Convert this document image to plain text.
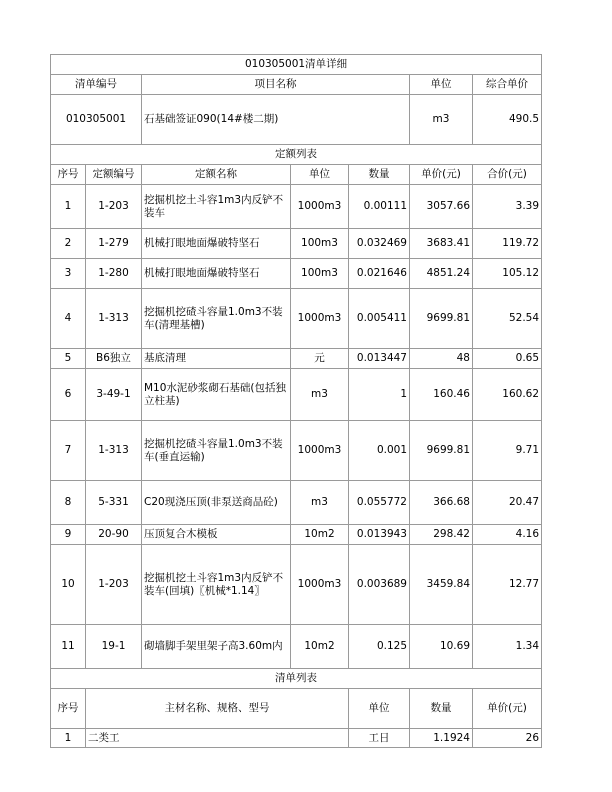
010305001清单详细							
清单编号		项目名称			单位	综合单价	
010305001		石基础签证090(14#楼二期)			m3	490.5	
定额列表							
序号	定额编号	定额名称	单位	数量	单价(元)	合价(元)	
1	1-203	挖掘机挖土斗容1m3内反铲不装车	1000m3	0.00111	3057.66	3.39	
2	1-279	机械打眼地面爆破特坚石	100m3	0.032469	3683.41	119.72	
3	1-280	机械打眼地面爆破特坚石	100m3	0.021646	4851.24	105.12	
4	1-313	挖掘机挖碴斗容量1.0m3不装车(清理基槽)	1000m3	0.005411	9699.81	52.54	
5	B6独立	基底清理	元	0.013447	48	0.65	
6	3-49-1	M10水泥砂浆砌石基础(包括独立柱基)	m3	1	160.46	160.62	
7	1-313	挖掘机挖碴斗容量1.0m3不装车(垂直运输)	1000m3	0.001	9699.81	9.71	
8	5-331	C20现浇压顶(非泵送商品砼)	m3	0.055772	366.68	20.47	
9	20-90	压顶复合木模板	10m2	0.013943	298.42	4.16	
10	1-203	挖掘机挖土斗容1m3内反铲不装车(回填)〖机械*1.14〗	1000m3	0.003689	3459.84	12.77	
11	19-1	砌墙脚手架里架子高3.60m内	10m2	0.125	10.69	1.34	
清单列表							
序号	主材名称、规格、型号			单位	数量	单价(元)	
1	二类工			工日	1.1924	26	
